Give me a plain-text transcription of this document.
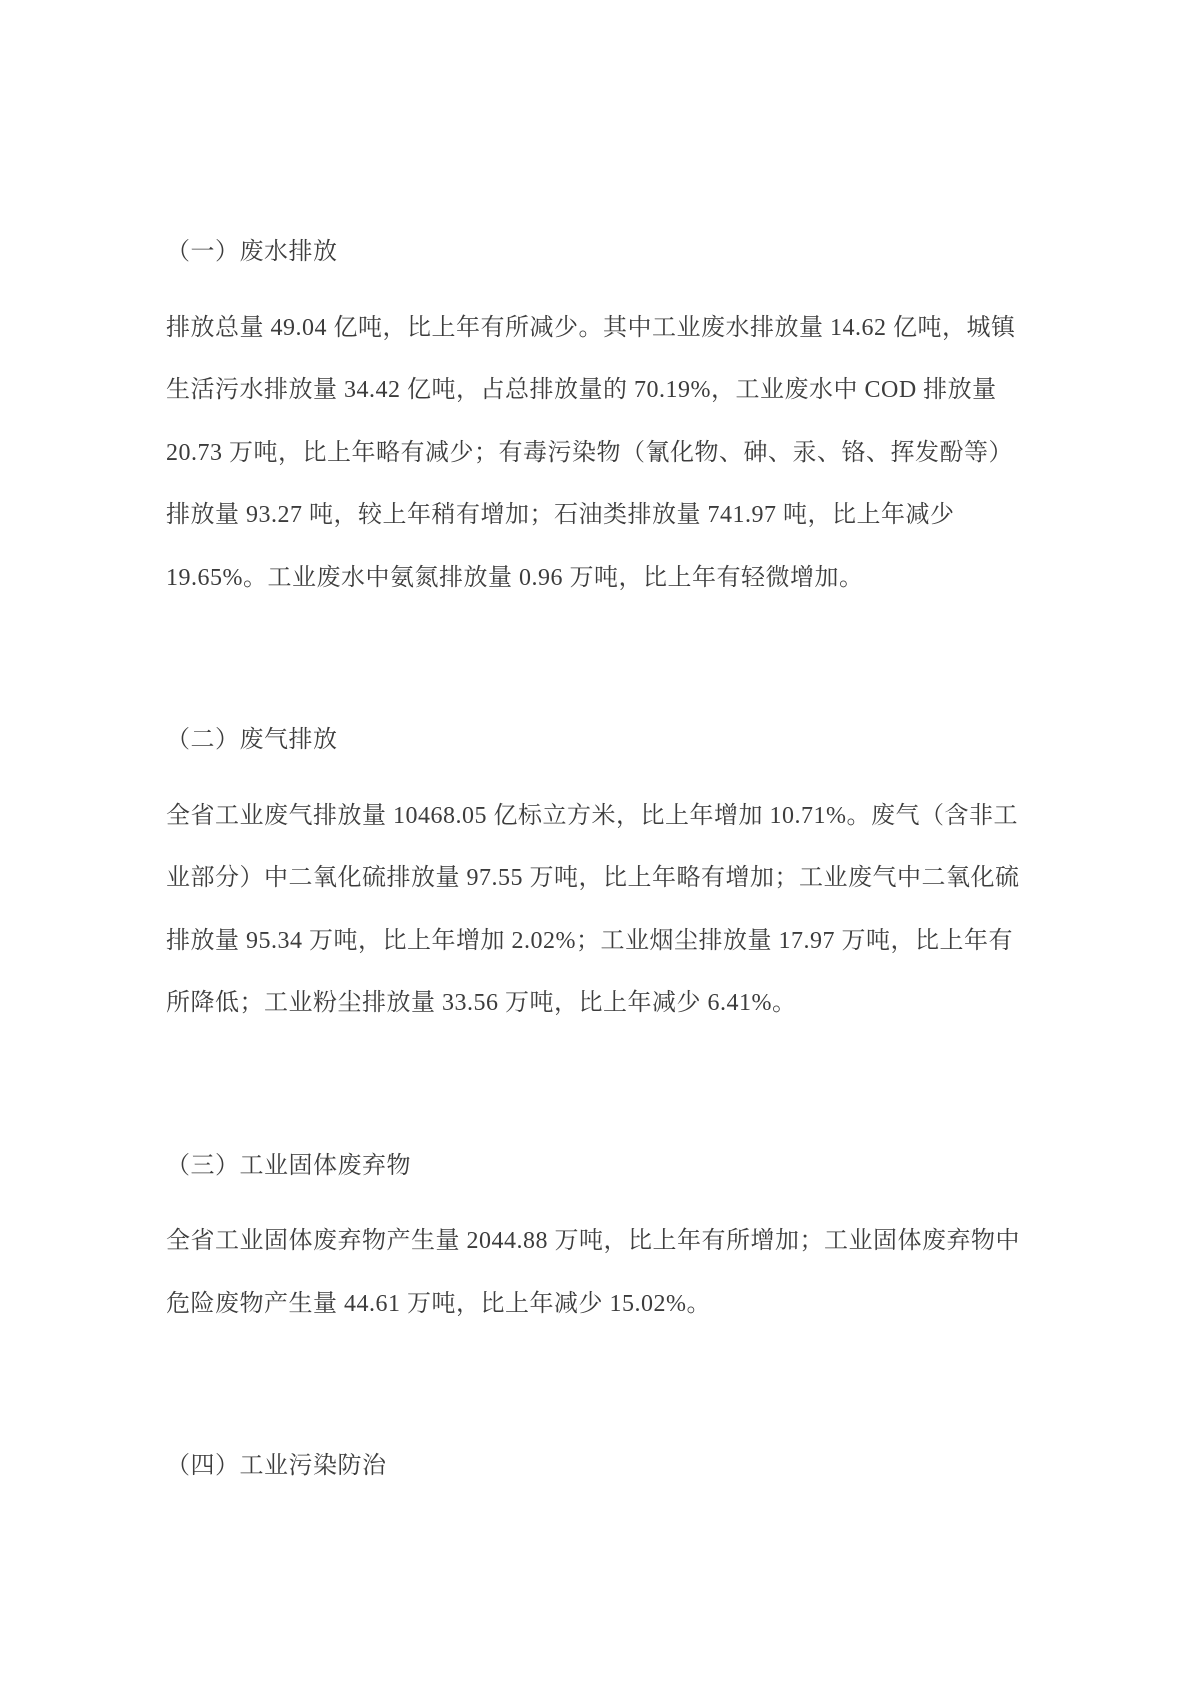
（一）废水排放
排放总量 49.04 亿吨，比上年有所减少。其中工业废水排放量 14.62 亿吨，城镇
生活污水排放量 34.42 亿吨，占总排放量的 70.19%，工业废水中 COD 排放量
20.73 万吨，比上年略有减少；有毒污染物（氰化物、砷、汞、铬、挥发酚等）
排放量 93.27 吨，较上年稍有增加；石油类排放量 741.97 吨，比上年减少
19.65%。工业废水中氨氮排放量 0.96 万吨，比上年有轻微增加。
（二）废气排放
全省工业废气排放量 10468.05 亿标立方米，比上年增加 10.71%。废气（含非工
业部分）中二氧化硫排放量 97.55 万吨，比上年略有增加；工业废气中二氧化硫
排放量 95.34 万吨，比上年增加 2.02%；工业烟尘排放量 17.97 万吨，比上年有
所降低；工业粉尘排放量 33.56 万吨，比上年减少 6.41%。
（三）工业固体废弃物
全省工业固体废弃物产生量 2044.88 万吨，比上年有所增加；工业固体废弃物中
危险废物产生量 44.61 万吨，比上年减少 15.02%。
（四）工业污染防治
